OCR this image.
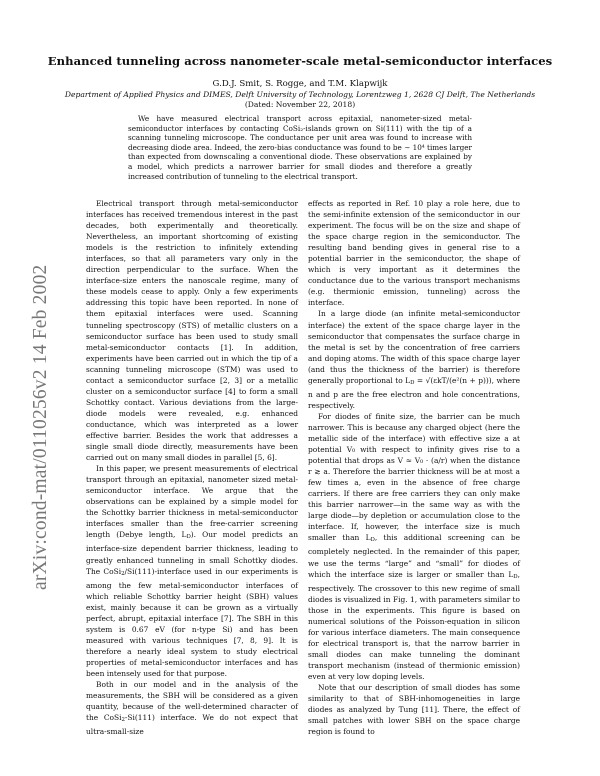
arXiv:cond-mat/0110256v2 14 Feb 2002
Enhanced tunneling across nanometer-scale metal-semiconductor interfaces
G.D.J. Smit, S. Rogge, and T.M. Klapwijk
Department of Applied Physics and DIMES, Delft University of Technology, Lorentzweg 1, 2628 CJ Delft, The Netherlands
(Dated: November 22, 2018)

We have measured electrical transport across epitaxial, nanometer-sized metal-semiconductor interfaces by contacting CoSi₂-islands grown on Si(111) with the tip of a scanning tunneling microscope. The conductance per unit area was found to increase with decreasing diode area. Indeed, the zero-bias conductance was found to be ∼ 10⁴ times larger than expected from downscaling a conventional diode. These observations are explained by a model, which predicts a narrower barrier for small diodes and therefore a greatly increased contribution of tunneling to the electrical transport.

Electrical transport through metal-semiconductor interfaces has received tremendous interest in the past decades, both experimentally and theoretically. Nevertheless, an important shortcoming of existing models is the restriction to infinitely extending interfaces, so that all parameters vary only in the direction perpendicular to the surface. When the interface-size enters the nanoscale regime, many of these models cease to apply. Only a few experiments addressing this topic have been reported. In none of them epitaxial interfaces were used. Scanning tunneling spectroscopy (STS) of metallic clusters on a semiconductor surface has been used to study small metal-semiconductor contacts [1]. In addition, experiments have been carried out in which the tip of a scanning tunneling microscope (STM) was used to contact a semiconductor surface [2, 3] or a metallic cluster on a semiconductor surface [4] to form a small Schottky contact. Various deviations from the large-diode models were revealed, e.g. enhanced conductance, which was interpreted as a lower effective barrier. Besides the work that addresses a single small diode directly, measurements have been carried out on many small diodes in parallel [5, 6].

In this paper, we present measurements of electrical transport through an epitaxial, nanometer sized metal-semiconductor interface. We argue that the observations can be explained by a simple model for the Schottky barrier thickness in metal-semiconductor interfaces smaller than the free-carrier screening length (Debye length, LD). Our model predicts an interface-size dependent barrier thickness, leading to greatly enhanced tunneling in small Schottky diodes. The CoSi2/Si(111)-interface used in our experiments is among the few metal-semiconductor interfaces of which reliable Schottky barrier height (SBH) values exist, mainly because it can be grown as a virtually perfect, abrupt, epitaxial interface [7]. The SBH in this system is 0.67 eV (for n-type Si) and has been measured with various techniques [7, 8, 9]. It is therefore a nearly ideal system to study electrical properties of metal-semiconductor interfaces and has been intensely used for that purpose.

Both in our model and in the analysis of the measurements, the SBH will be considered as a given quantity, because of the well-determined character of the CoSi2-Si(111) interface. We do not expect that ultra-small-size

effects as reported in Ref. 10 play a role here, due to the semi-infinite extension of the semiconductor in our experiment. The focus will be on the size and shape of the space charge region in the semiconductor. The resulting band bending gives in general rise to a potential barrier in the semiconductor, the shape of which is very important as it determines the conductance due to the various transport mechanisms (e.g. thermionic emission, tunneling) across the interface.

In a large diode (an infinite metal-semiconductor interface) the extent of the space charge layer in the semiconductor that compensates the surface charge in the metal is set by the concentration of free carriers and doping atoms. The width of this space charge layer (and thus the thickness of the barrier) is therefore generally proportional to LD = √(εkT/(e²(n + p))), where n and p are the free electron and hole concentrations, respectively.

For diodes of finite size, the barrier can be much narrower. This is because any charged object (here the metallic side of the interface) with effective size a at potential V₀ with respect to infinity gives rise to a potential that drops as V ≈ V₀ · (a/r) when the distance r ≳ a. Therefore the barrier thickness will be at most a few times a, even in the absence of free charge carriers. If there are free carriers they can only make this barrier narrower—in the same way as with the large diode—by depletion or accumulation close to the interface. If, however, the interface size is much smaller than LD, this additional screening can be completely neglected. In the remainder of this paper, we use the terms “large” and “small” for diodes of which the interface size is larger or smaller than LD, respectively. The crossover to this new regime of small diodes is visualized in Fig. 1, with parameters similar to those in the experiments. This figure is based on numerical solutions of the Poisson-equation in silicon for various interface diameters. The main consequence for electrical transport is, that the narrow barrier in small diodes can make tunneling the dominant transport mechanism (instead of thermionic emission) even at very low doping levels.

Note that our description of small diodes has some similarity to that of SBH-inhomogeneities in large diodes as analyzed by Tung [11]. There, the effect of small patches with lower SBH on the space charge region is found to
